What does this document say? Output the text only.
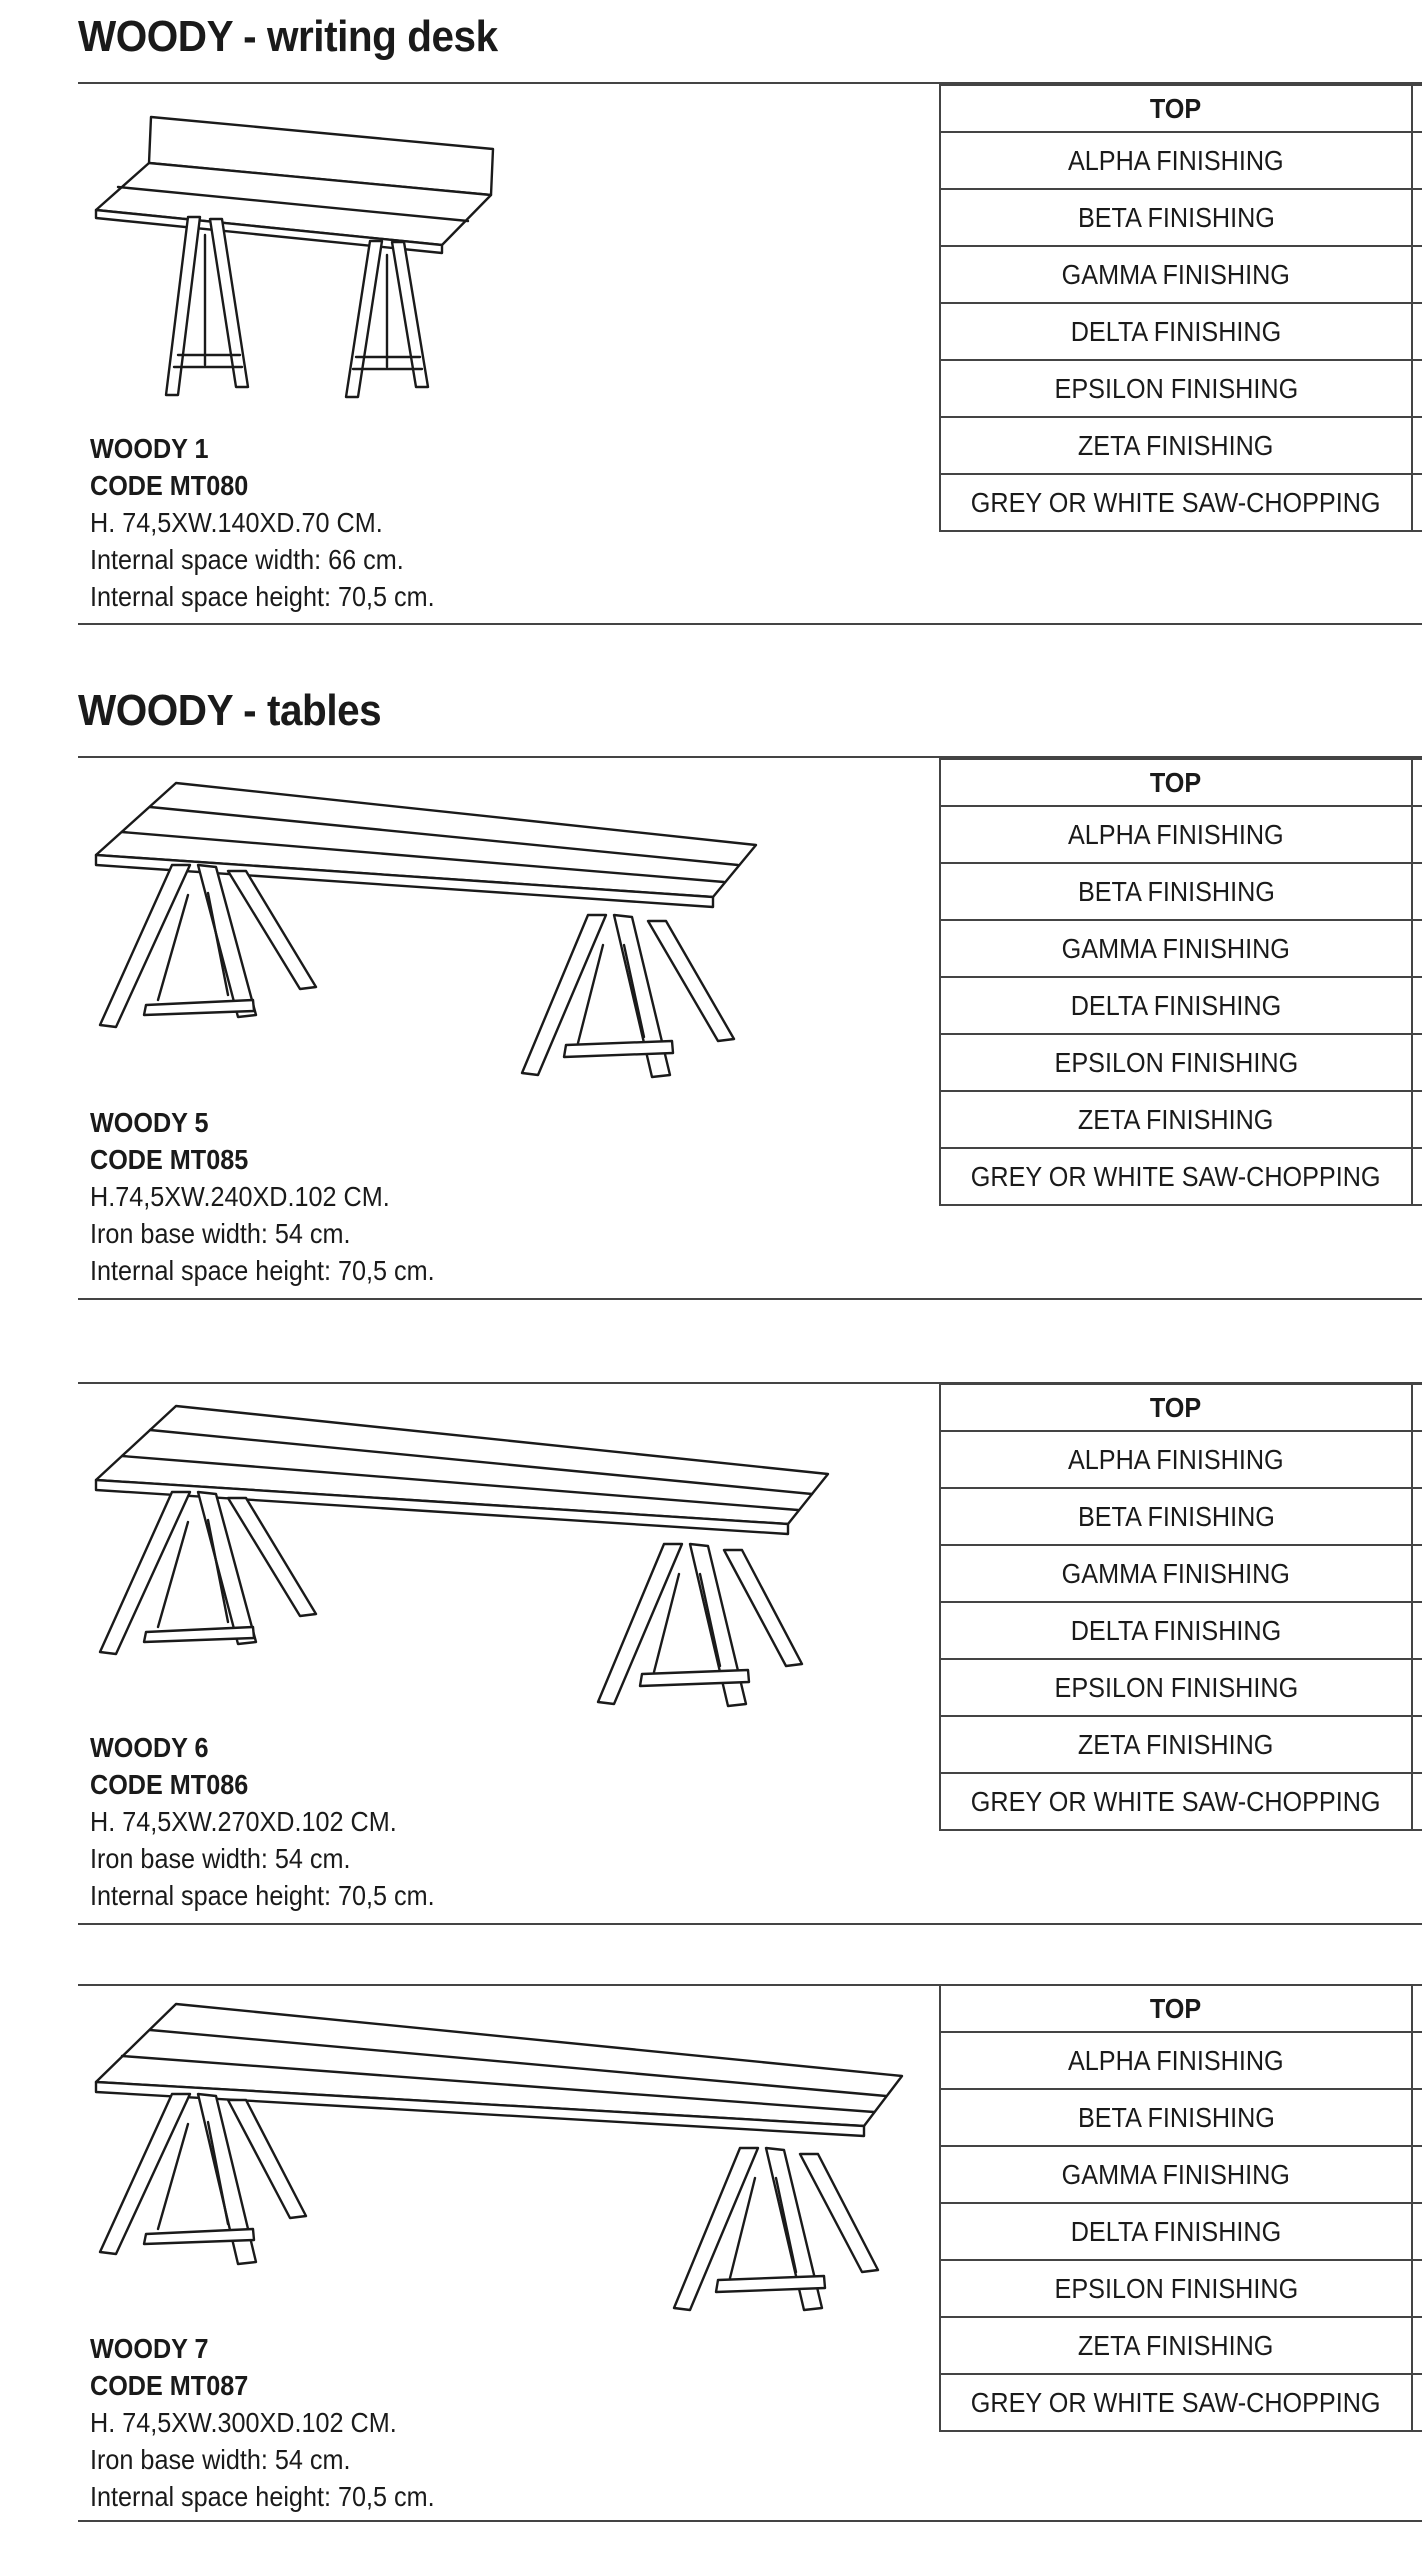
WOODY - writing desk
WOODY 1
CODE MT080
H. 74,5XW.140XD.70 CM.
Internal space width: 66 cm.
Internal space height: 70,5 cm.
TOP	
ALPHA FINISHING	
BETA FINISHING	
GAMMA FINISHING	
DELTA FINISHING	
EPSILON FINISHING	
ZETA FINISHING	
GREY OR WHITE SAW-CHOPPING	
WOODY - tables
WOODY 5
CODE MT085
H.74,5XW.240XD.102 CM.
Iron base width: 54 cm.
Internal space height: 70,5 cm.
TOP	
ALPHA FINISHING	
BETA FINISHING	
GAMMA FINISHING	
DELTA FINISHING	
EPSILON FINISHING	
ZETA FINISHING	
GREY OR WHITE SAW-CHOPPING	
WOODY 6
CODE MT086
H. 74,5XW.270XD.102 CM.
Iron base width: 54 cm.
Internal space height: 70,5 cm.
TOP	
ALPHA FINISHING	
BETA FINISHING	
GAMMA FINISHING	
DELTA FINISHING	
EPSILON FINISHING	
ZETA FINISHING	
GREY OR WHITE SAW-CHOPPING	
WOODY 7
CODE MT087
H. 74,5XW.300XD.102 CM.
Iron base width: 54 cm.
Internal space height: 70,5 cm.
TOP	
ALPHA FINISHING	
BETA FINISHING	
GAMMA FINISHING	
DELTA FINISHING	
EPSILON FINISHING	
ZETA FINISHING	
GREY OR WHITE SAW-CHOPPING	
